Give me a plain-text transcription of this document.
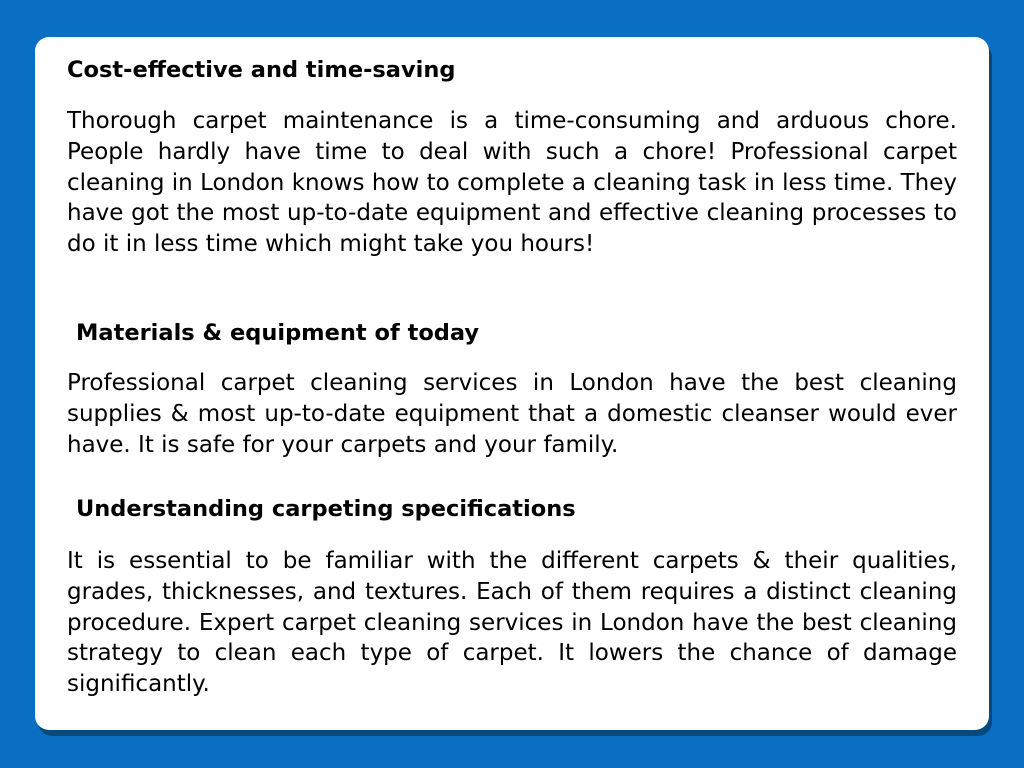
Cost-effective and time-saving

Thorough carpet maintenance is a time-consuming and arduous chore. People hardly have time to deal with such a chore! Professional carpet cleaning in London knows how to complete a cleaning task in less time. They have got the most up-to-date equipment and effective cleaning processes to do it in less time which might take you hours!

Materials & equipment of today

Professional carpet cleaning services in London have the best cleaning supplies & most up-to-date equipment that a domestic cleanser would ever have. It is safe for your carpets and your family.

Understanding carpeting specifications

It is essential to be familiar with the different carpets & their qualities, grades, thicknesses, and textures. Each of them requires a distinct cleaning procedure. Expert carpet cleaning services in London have the best cleaning strategy to clean each type of carpet. It lowers the chance of damage significantly.
